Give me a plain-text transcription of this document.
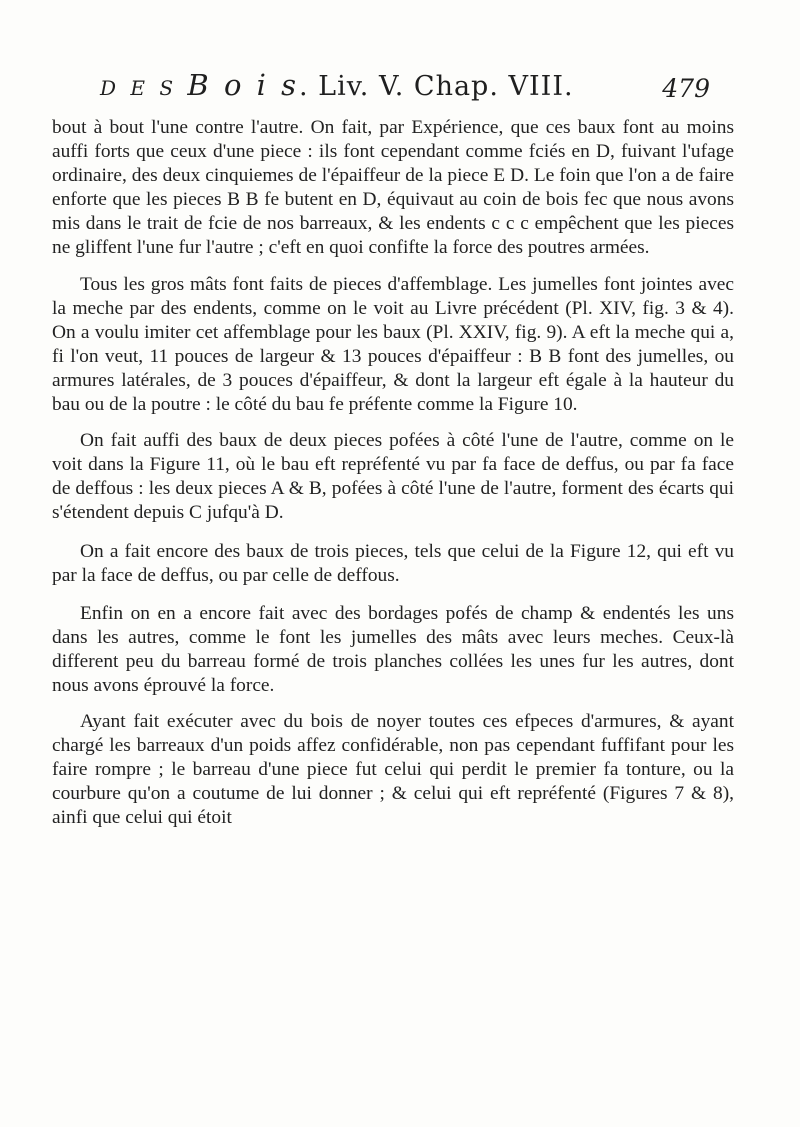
D E S B o i s. Liv. V. Chap. VIII.	479

bout à bout l'une contre l'autre. On fait, par Expérience, que ces baux font au moins auffi forts que ceux d'une piece : ils font cependant comme fciés en D, fuivant l'ufage ordinaire, des deux cinquiemes de l'épaiffeur de la piece E D. Le foin que l'on a de faire enforte que les pieces B B fe butent en D, équivaut au coin de bois fec que nous avons mis dans le trait de fcie de nos barreaux, & les endents c c c empêchent que les pieces ne gliffent l'une fur l'autre ; c'eft en quoi confifte la force des poutres armées.

Tous les gros mâts font faits de pieces d'affemblage. Les jumelles font jointes avec la meche par des endents, comme on le voit au Livre précédent (Pl. XIV, fig. 3 & 4). On a voulu imiter cet affemblage pour les baux (Pl. XXIV, fig. 9). A eft la meche qui a, fi l'on veut, 11 pouces de largeur & 13 pouces d'épaiffeur : B B font des jumelles, ou armures latérales, de 3 pouces d'épaiffeur, & dont la largeur eft égale à la hauteur du bau ou de la poutre : le côté du bau fe préfente comme la Figure 10.

On fait auffi des baux de deux pieces pofées à côté l'une de l'autre, comme on le voit dans la Figure 11, où le bau eft repréfenté vu par fa face de deffus, ou par fa face de deffous : les deux pieces A & B, pofées à côté l'une de l'autre, forment des écarts qui s'étendent depuis C jufqu'à D.

On a fait encore des baux de trois pieces, tels que celui de la Figure 12, qui eft vu par la face de deffus, ou par celle de deffous.

Enfin on en a encore fait avec des bordages pofés de champ & endentés les uns dans les autres, comme le font les jumelles des mâts avec leurs meches. Ceux-là different peu du barreau formé de trois planches collées les unes fur les autres, dont nous avons éprouvé la force.

Ayant fait exécuter avec du bois de noyer toutes ces efpeces d'armures, & ayant chargé les barreaux d'un poids affez confidérable, non pas cependant fuffifant pour les faire rompre ; le barreau d'une piece fut celui qui perdit le premier fa tonture, ou la courbure qu'on a coutume de lui donner ; & celui qui eft repréfenté (Figures 7 & 8), ainfi que celui qui étoit
